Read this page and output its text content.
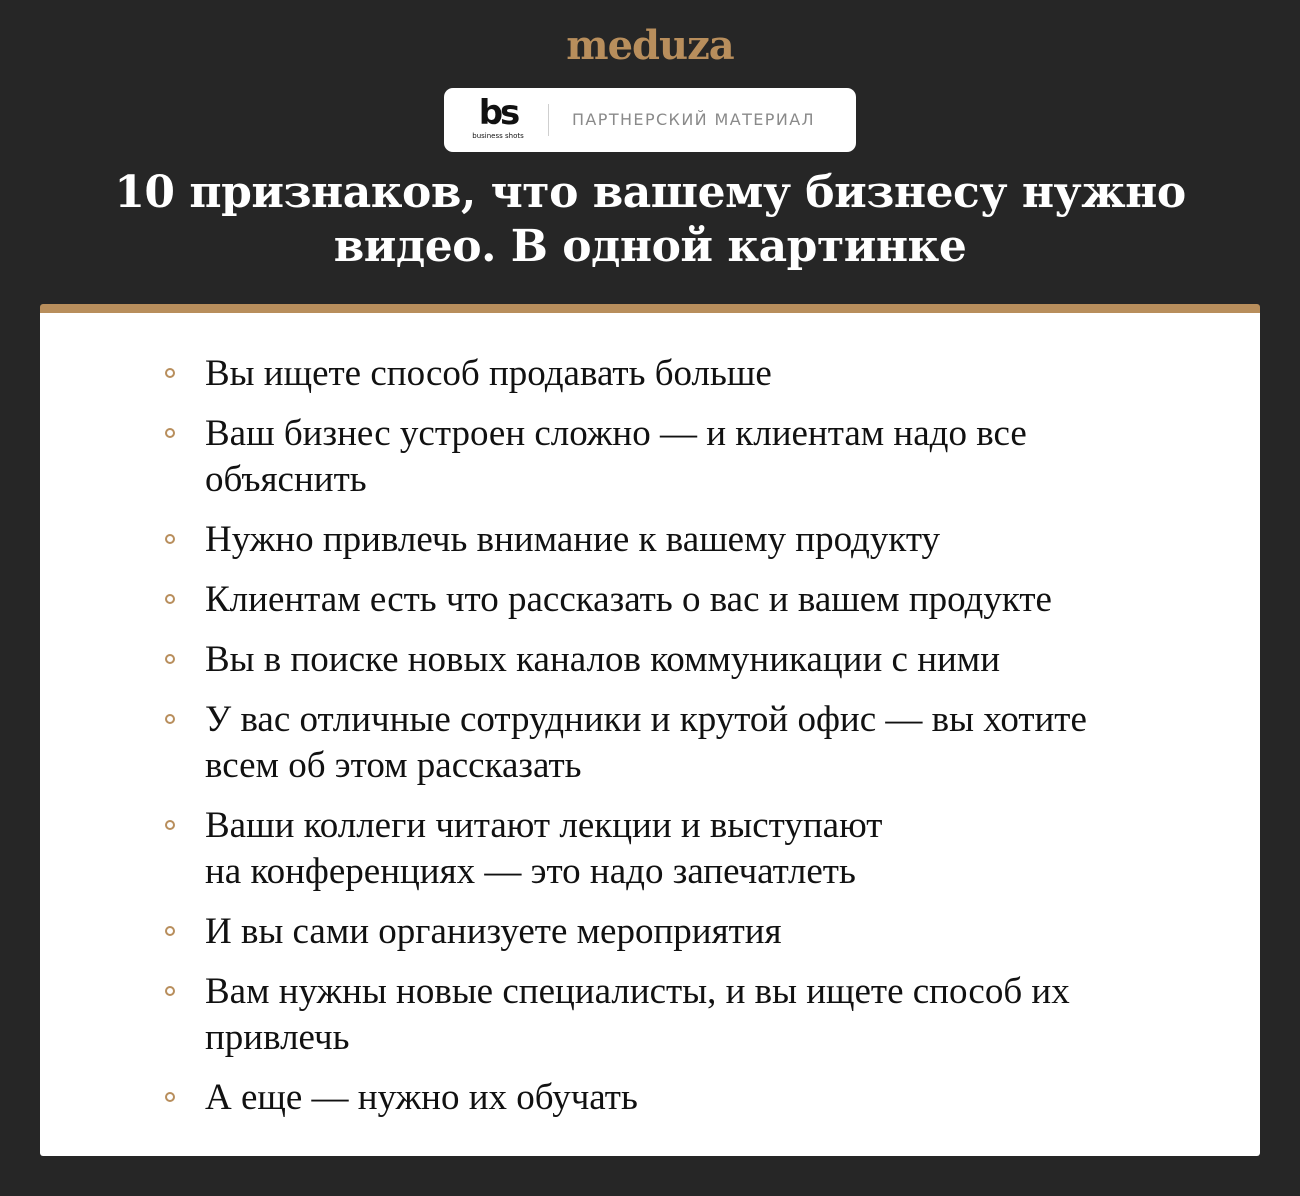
meduza
bs
business shots
ПАРТНЕРСКИЙ МАТЕРИАЛ
10 признаков, что вашему бизнесу нужно
видео. В одной картинке
Вы ищете способ продавать больше
Ваш бизнес устроен сложно — и клиентам надо все
объяснить
Нужно привлечь внимание к вашему продукту
Клиентам есть что рассказать о вас и вашем продукте
Вы в поиске новых каналов коммуникации с ними
У вас отличные сотрудники и крутой офис — вы хотите
всем об этом рассказать
Ваши коллеги читают лекции и выступают
на конференциях — это надо запечатлеть
И вы сами организуете мероприятия
Вам нужны новые специалисты, и вы ищете способ их
привлечь
А еще — нужно их обучать
